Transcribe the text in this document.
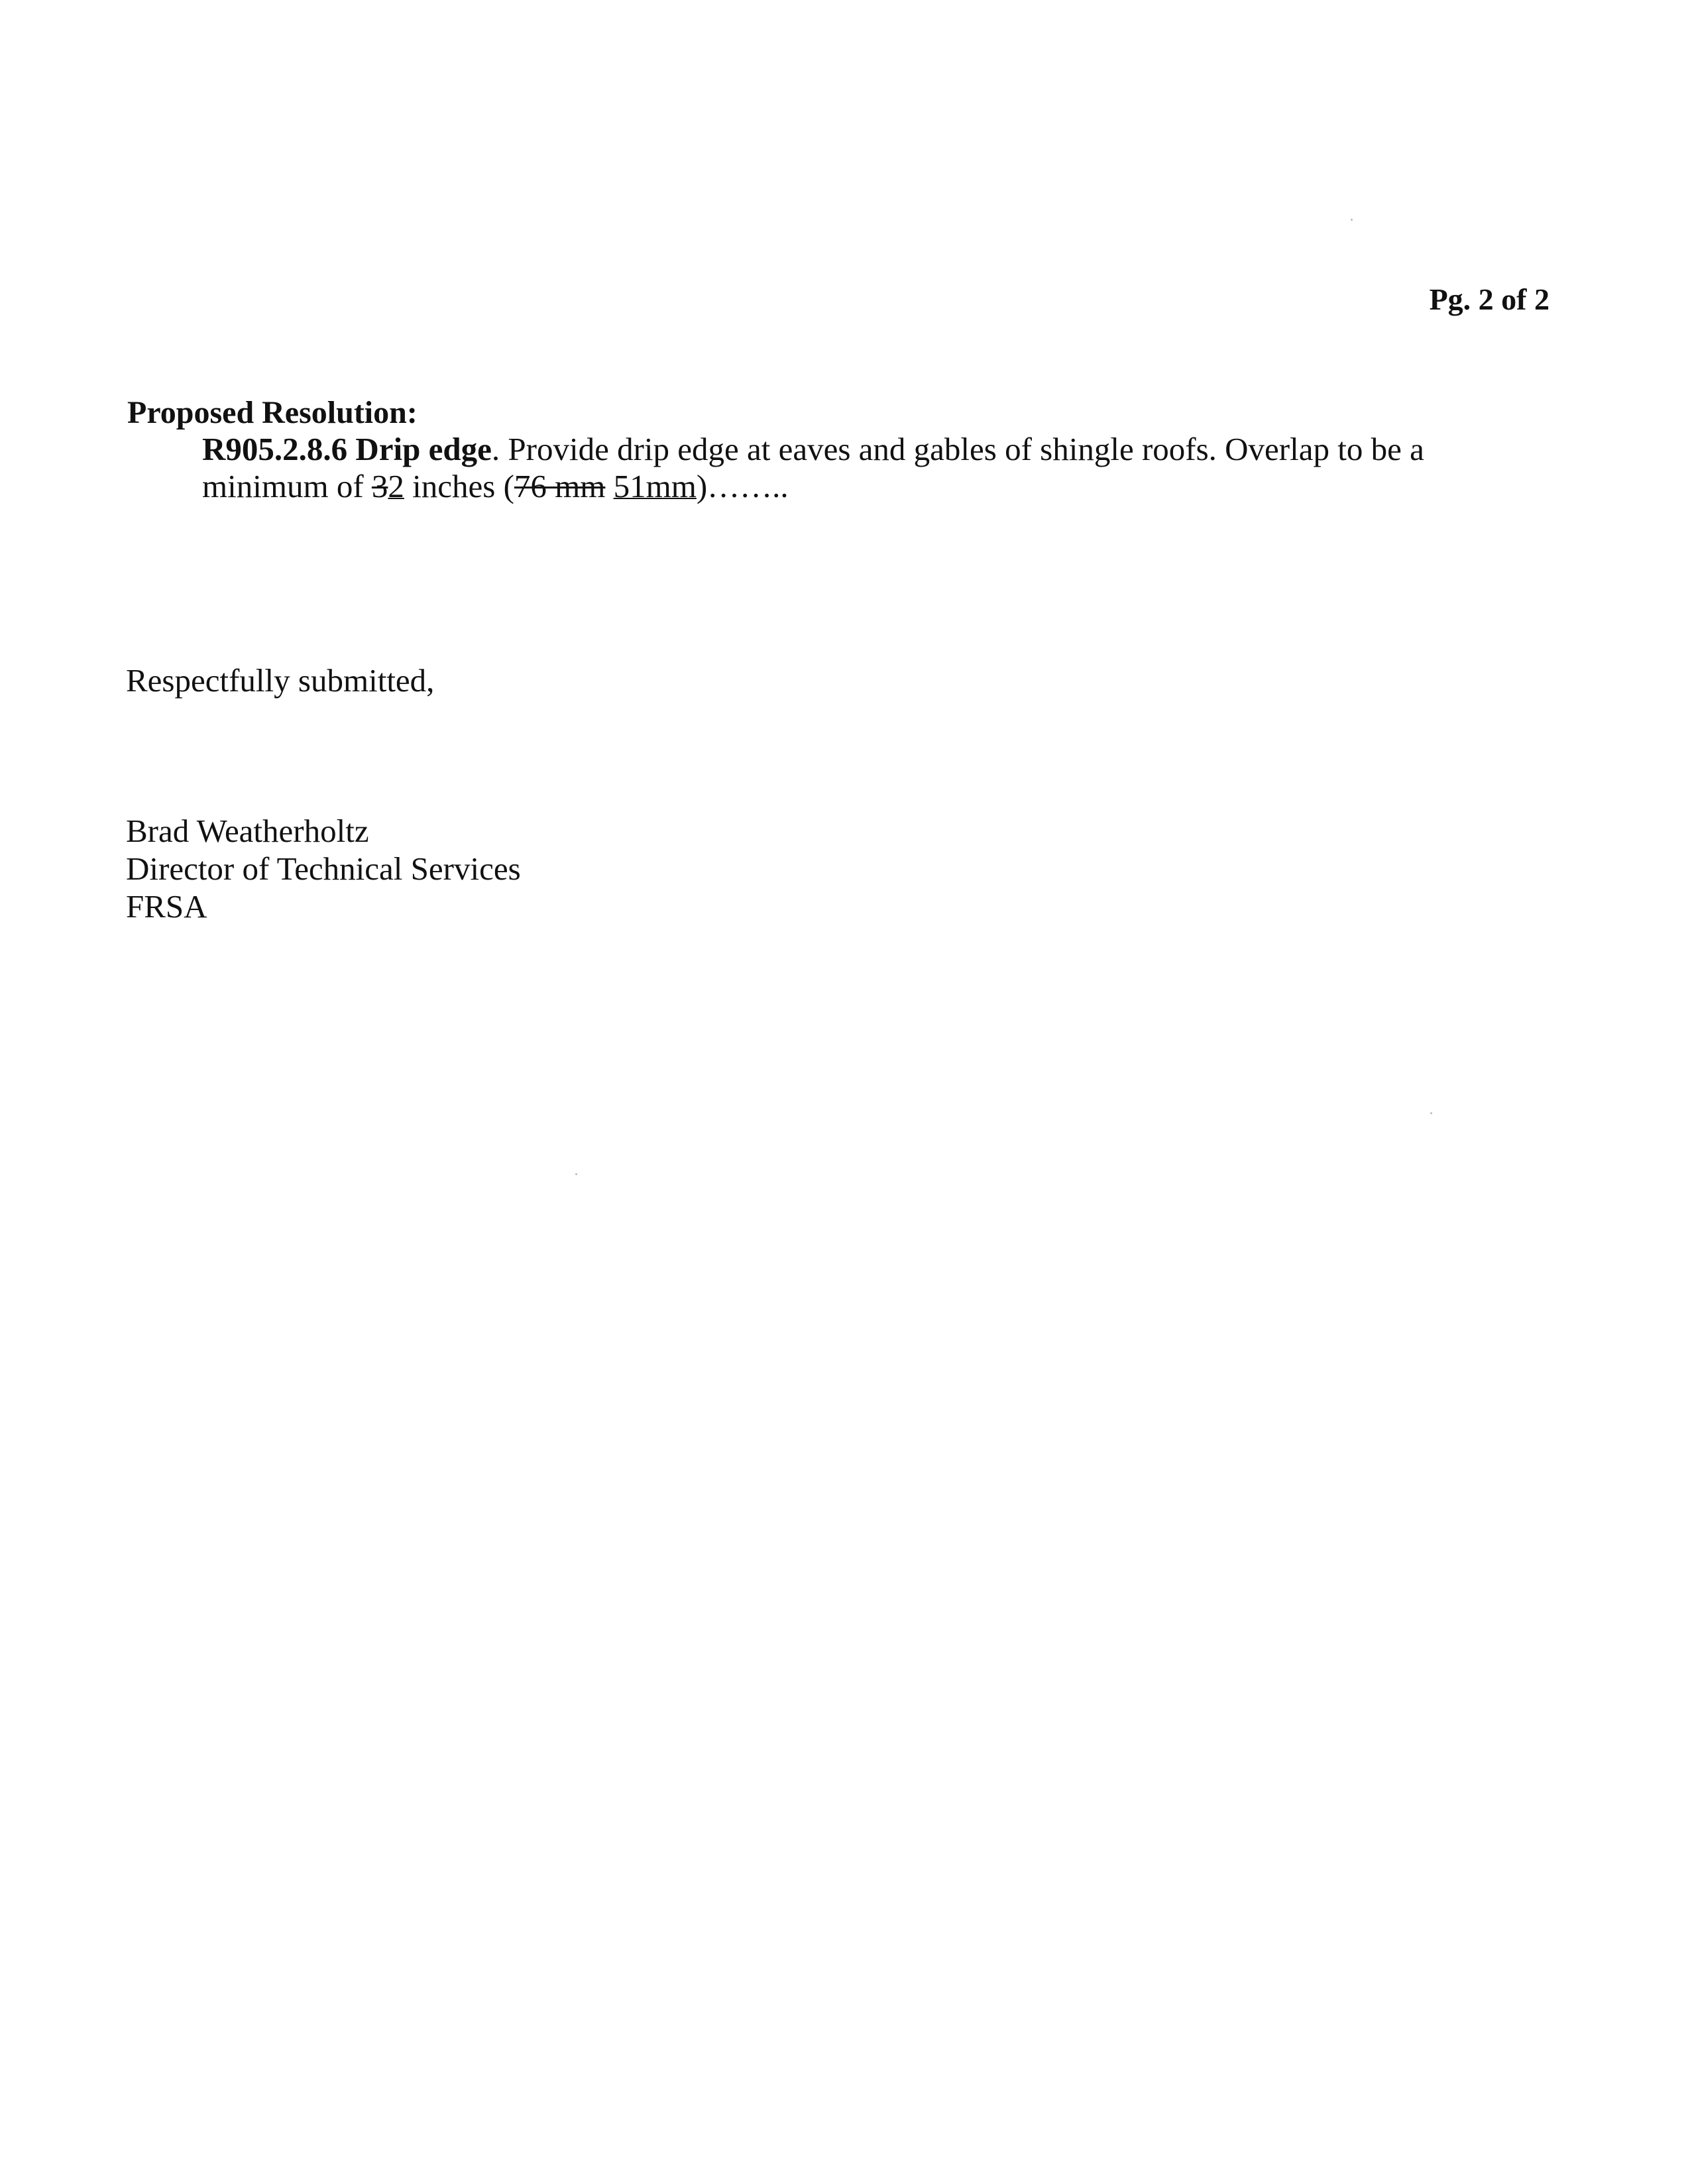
Pg. 2 of 2
Proposed Resolution:
R905.2.8.6 Drip edge. Provide drip edge at eaves and gables of shingle roofs. Overlap to be a
minimum of 32 inches (76 mm 51mm)……..
Respectfully submitted,
Brad Weatherholtz
Director of Technical Services
FRSA
